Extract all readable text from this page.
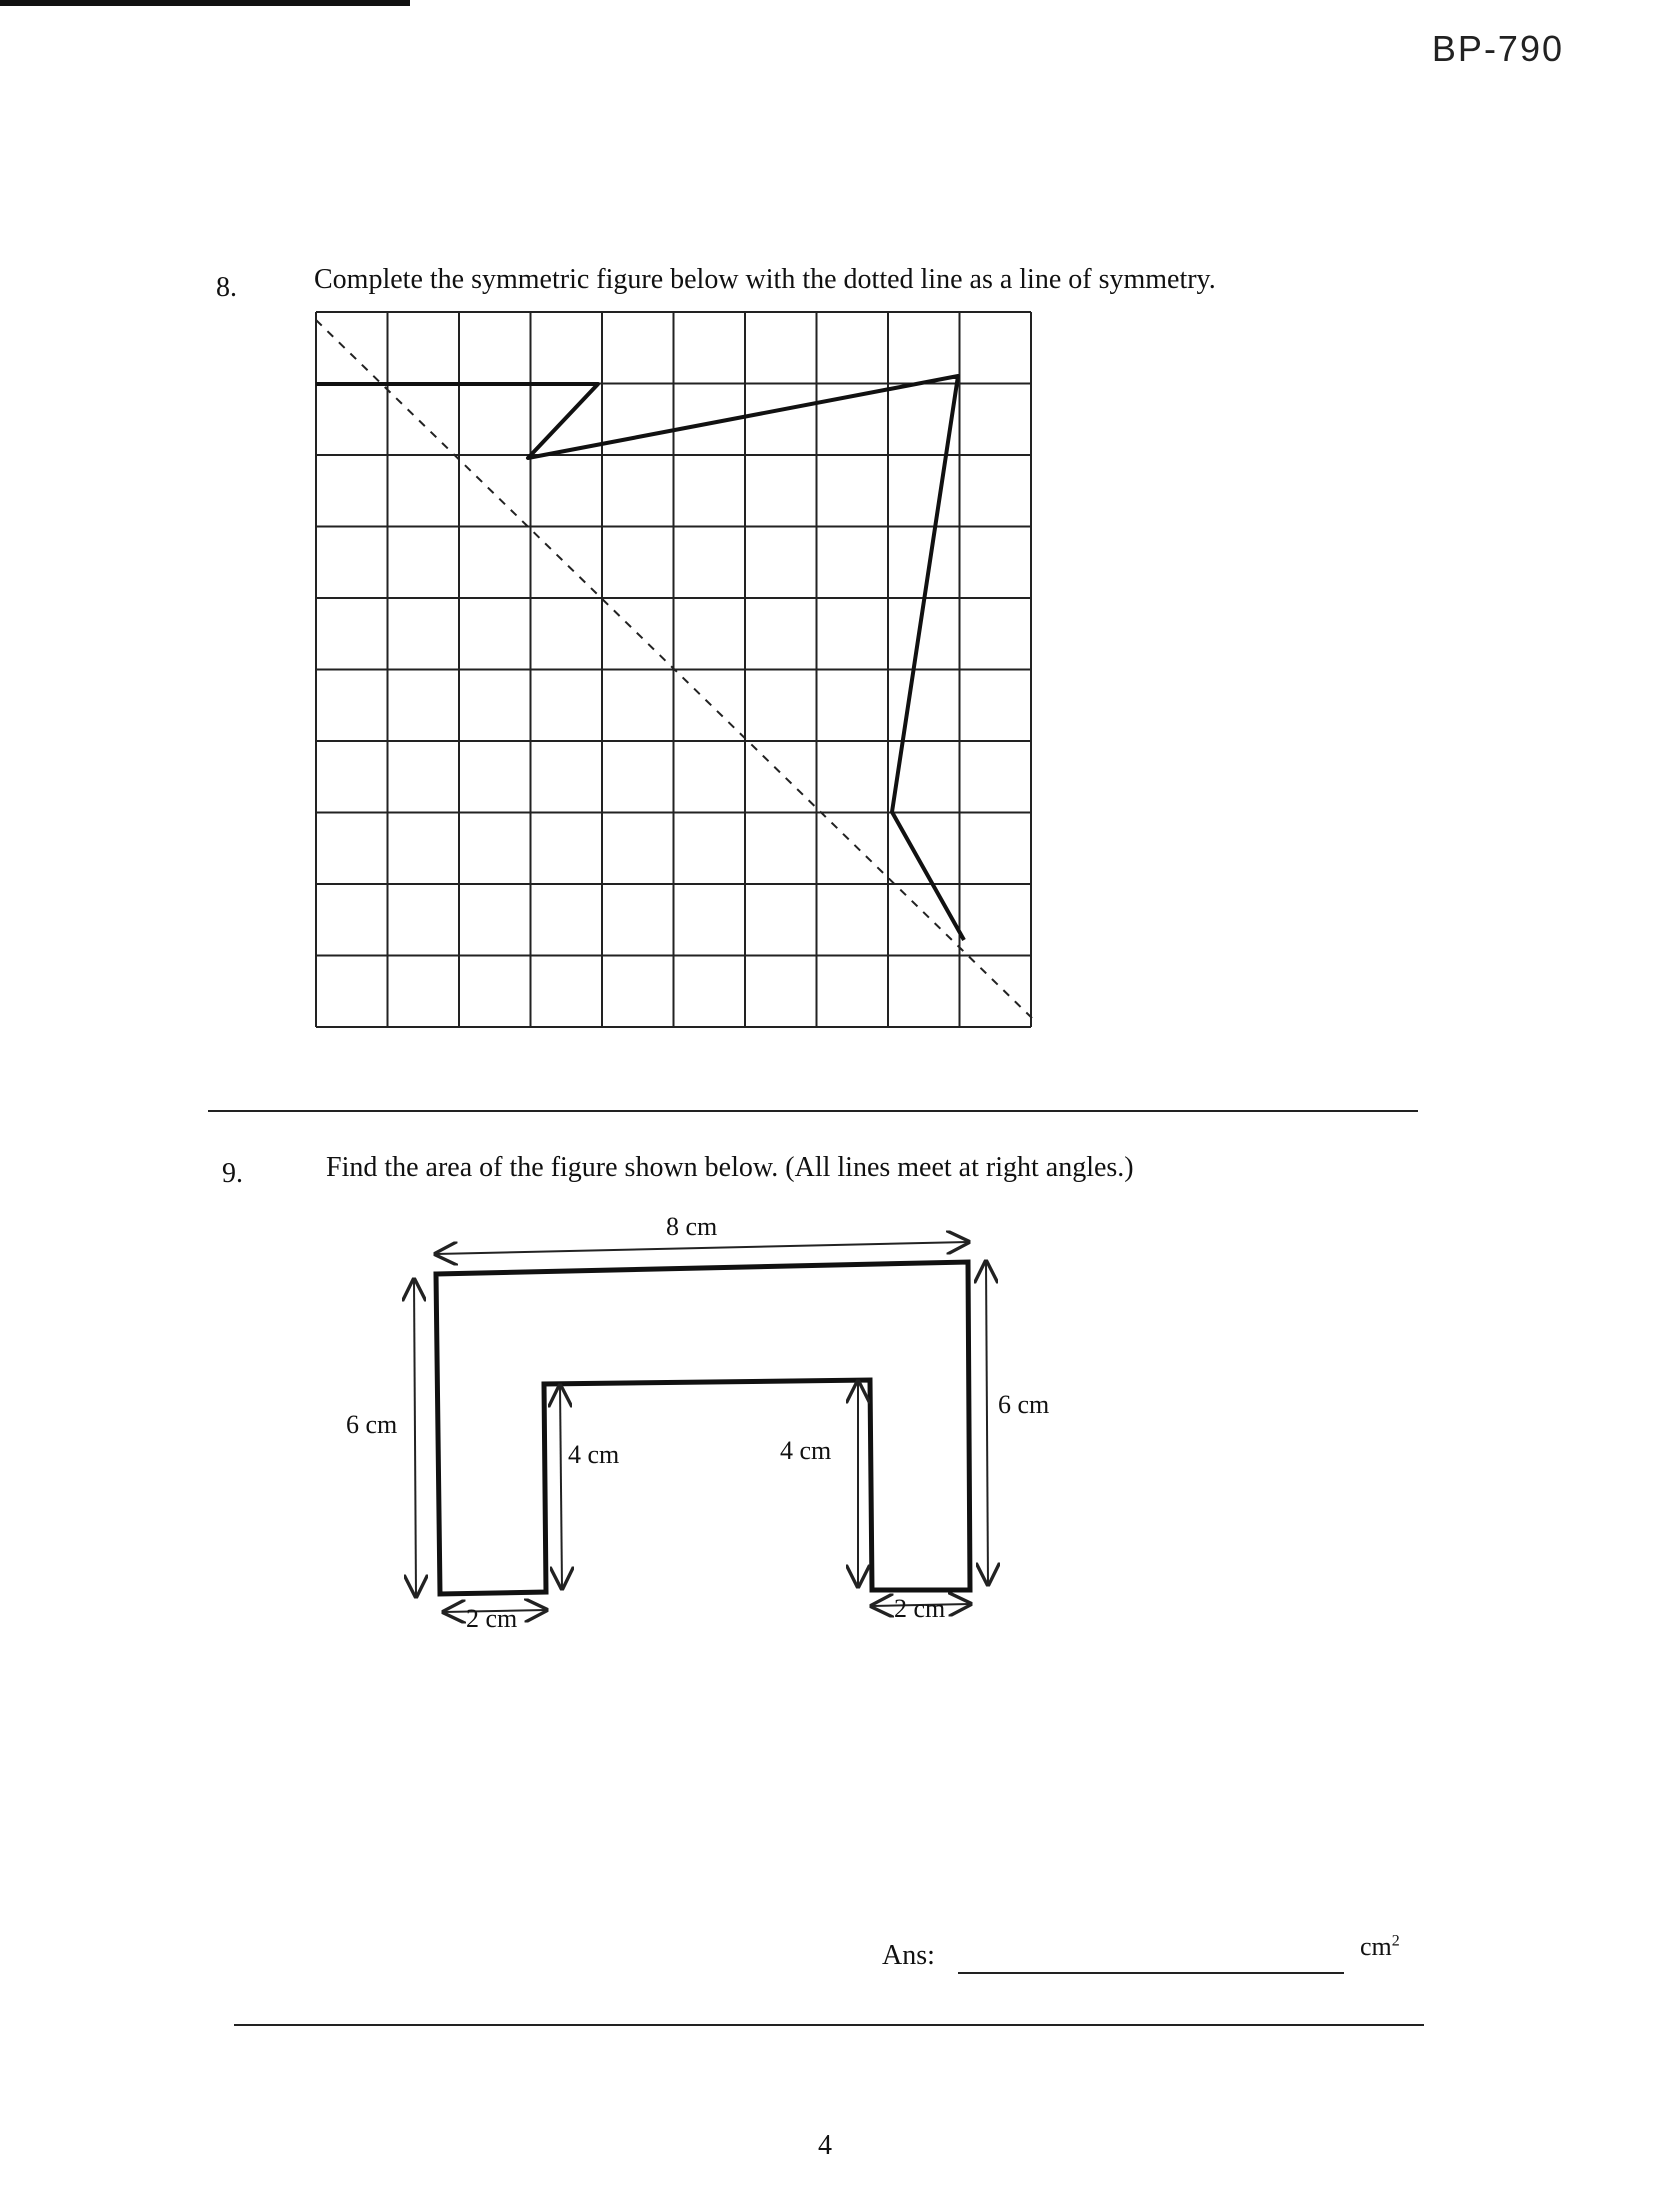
BP-790
8.	Complete the symmetric figure below with the dotted line as a line of symmetry.
9.	Find the area of the figure shown below. (All lines meet at right angles.)
8 cm
6 cm
6 cm
4 cm	4 cm
2 cm	2 cm
Ans:	$cm^2$
4
